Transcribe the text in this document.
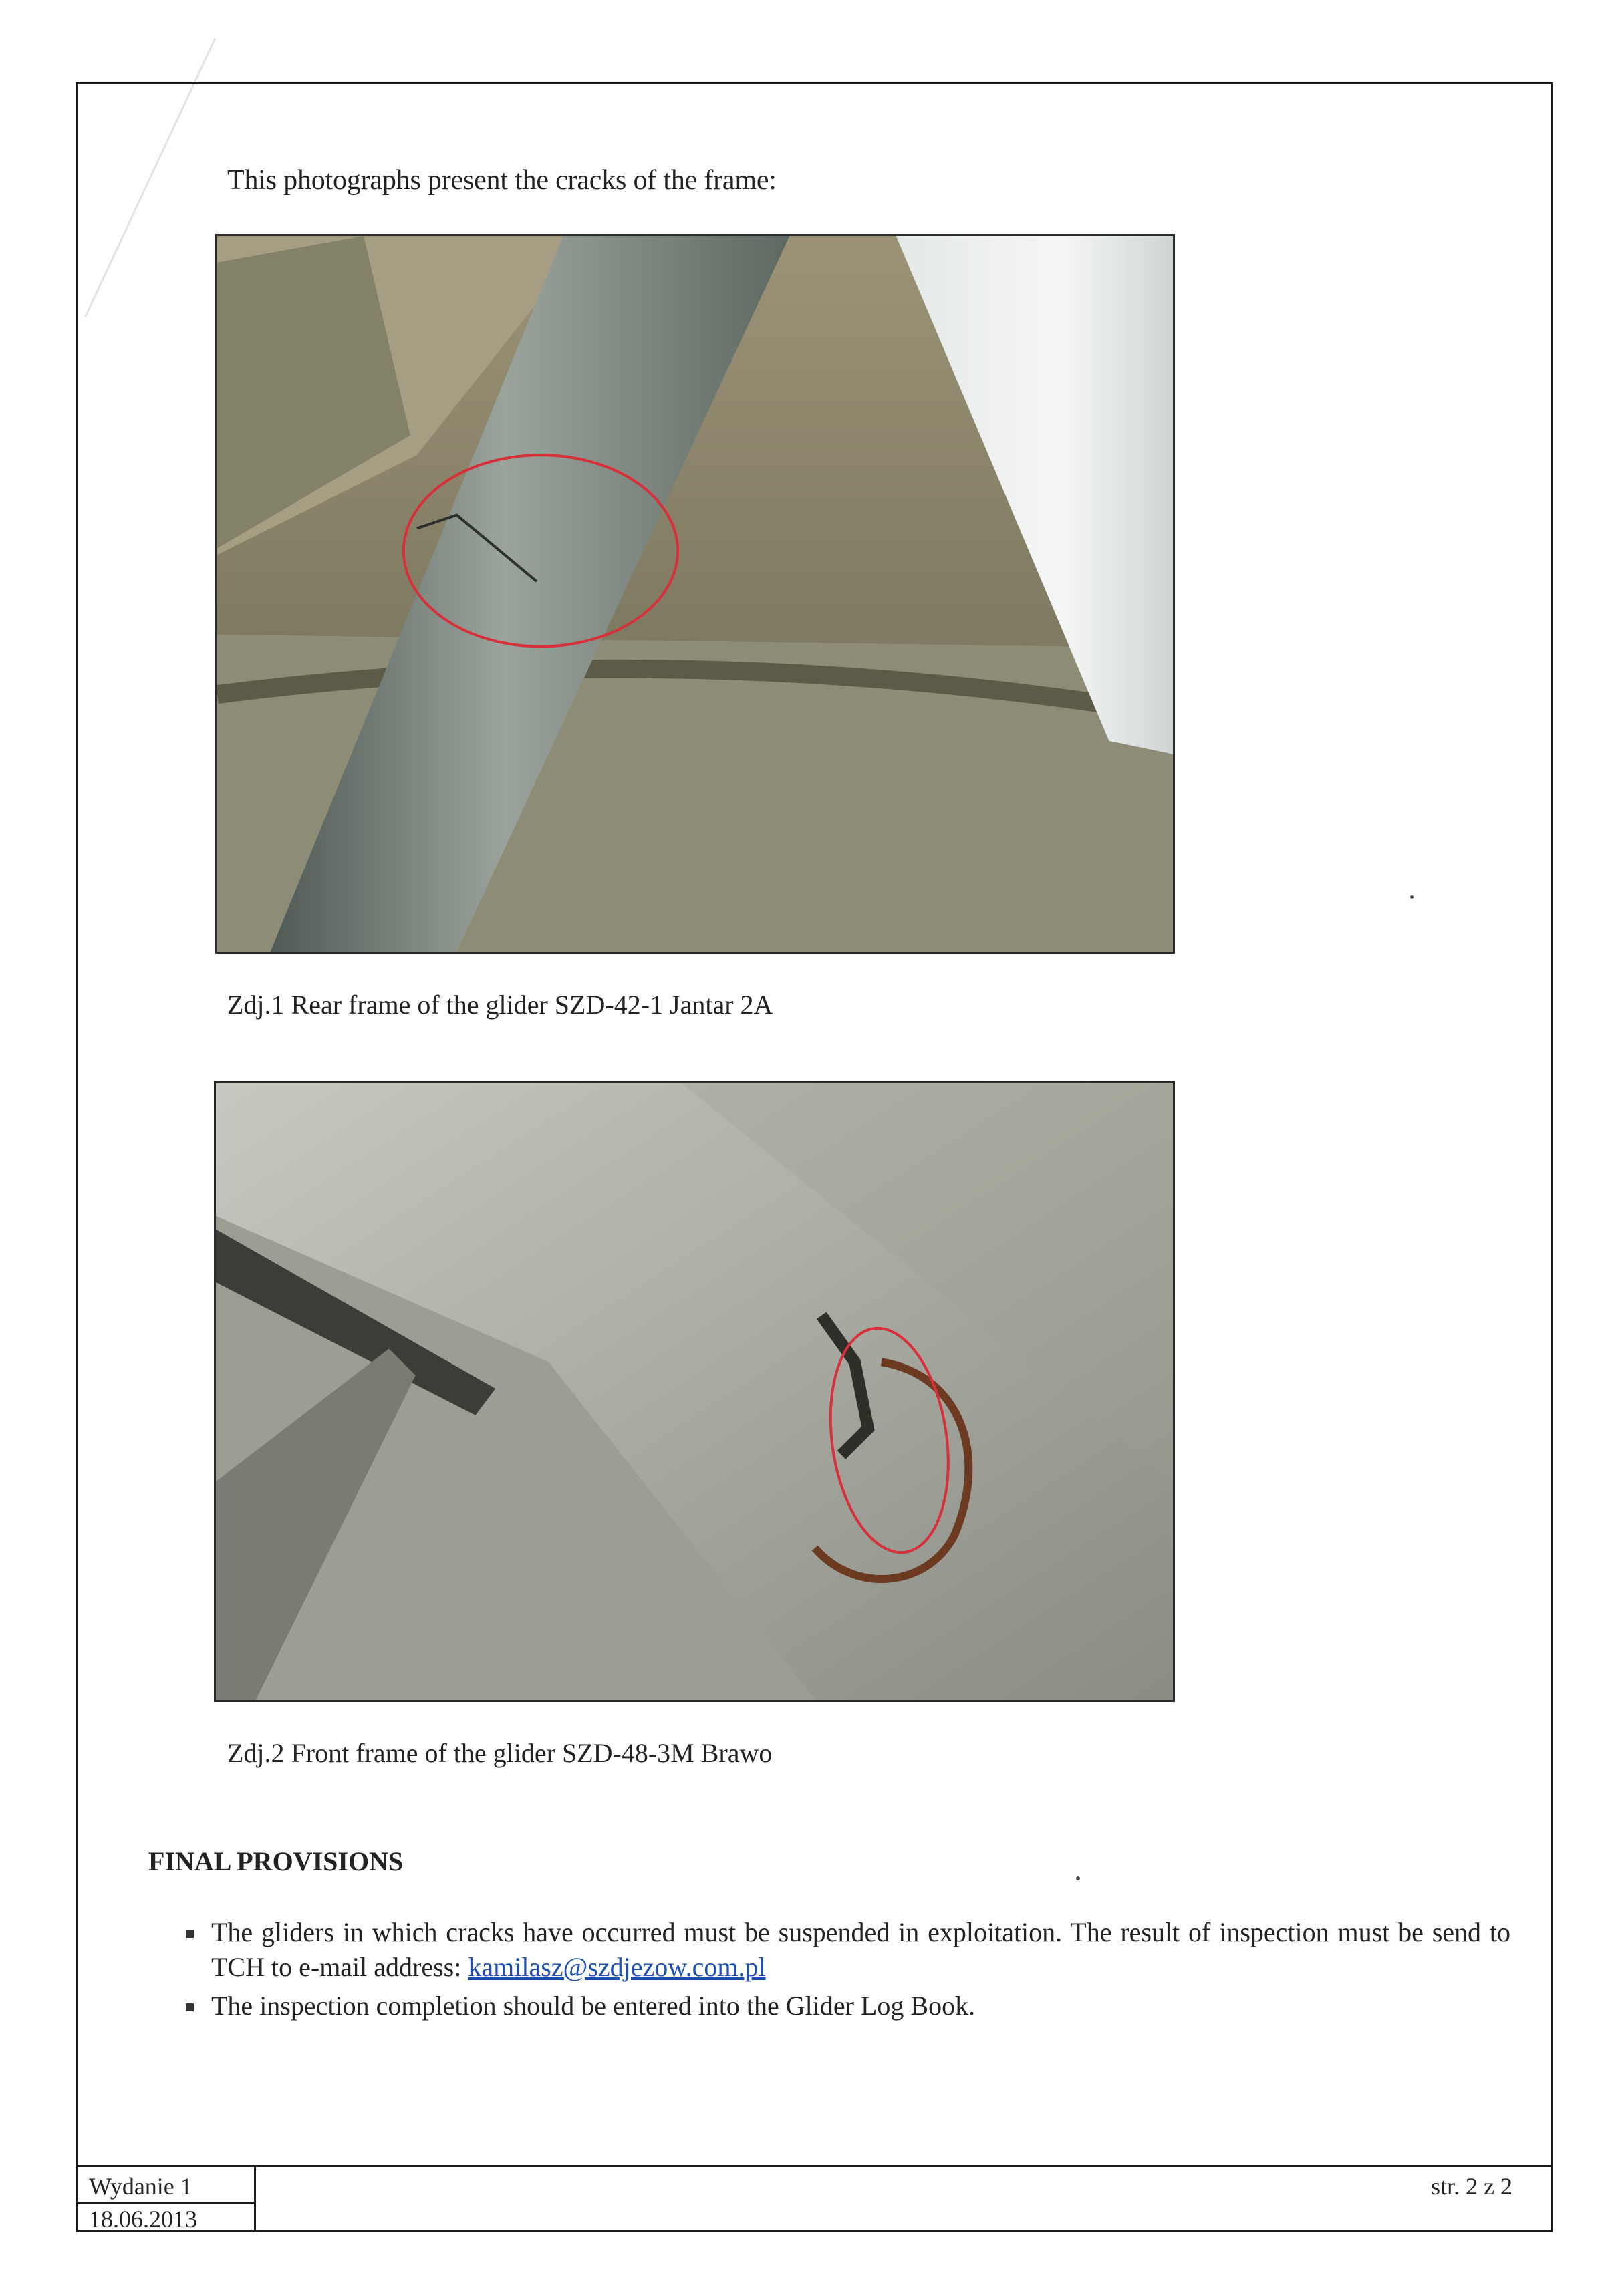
This photographs present the cracks of the frame:
Zdj.1 Rear frame of the glider SZD-42-1 Jantar 2A
Zdj.2 Front frame of the glider SZD-48-3M Brawo
FINAL PROVISIONS
The gliders in which cracks have occurred must be suspended in exploitation. The result of inspection must be send to TCH to e-mail address: kamilasz@szdjezow.com.pl
The inspection completion should be entered into the Glider Log Book.
Wydanie 1
18.06.2013
str. 2 z 2
